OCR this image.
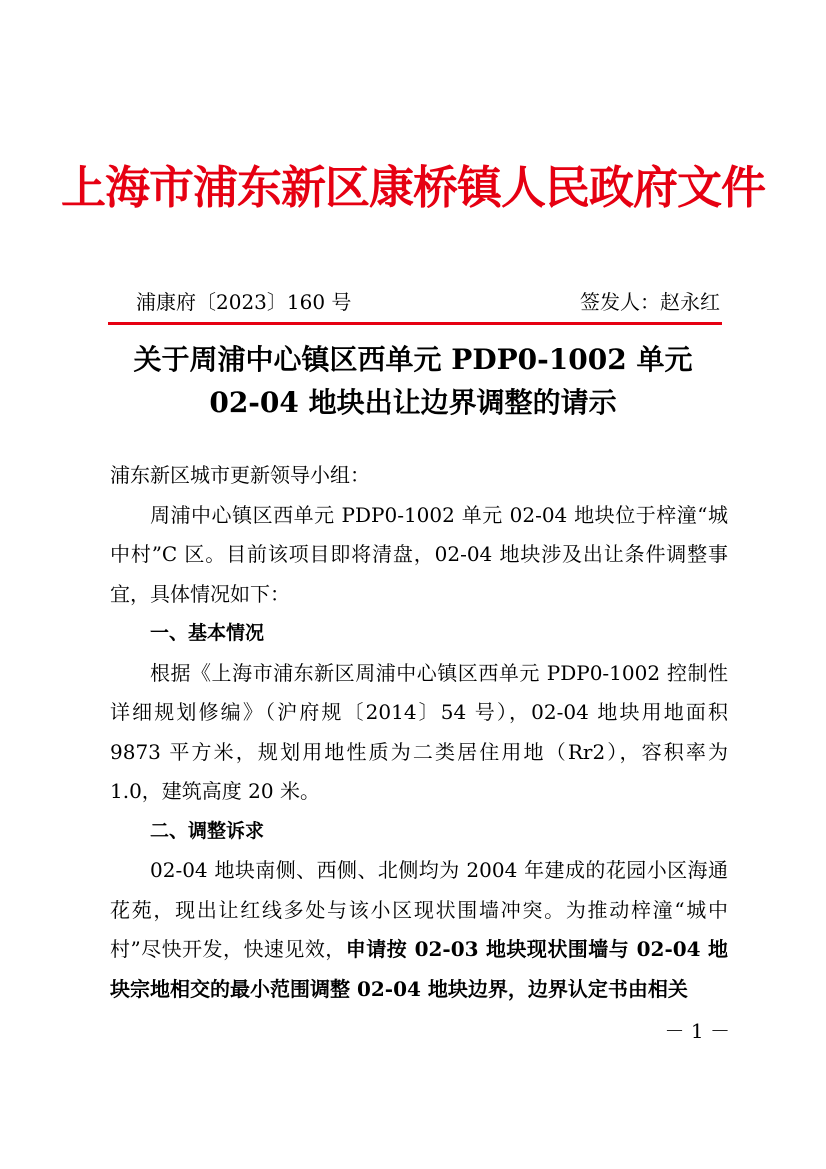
上海市浦东新区康桥镇人民政府文件
浦康府〔2023〕160 号	签发人：赵永红
关于周浦中心镇区西单元 PDP0-1002 单元
02-04 地块出让边界调整的请示

浦东新区城市更新领导小组：

周浦中心镇区西单元 PDP0-1002 单元 02-04 地块位于梓潼“城中村”C 区。目前该项目即将清盘，02-04 地块涉及出让条件调整事宜，具体情况如下：

一、基本情况

根据《上海市浦东新区周浦中心镇区西单元 PDP0-1002 控制性详细规划修编》（沪府规〔2014〕54 号），02-04 地块用地面积 9873 平方米，规划用地性质为二类居住用地（Rr2），容积率为 1.0，建筑高度 20 米。

二、调整诉求

02-04 地块南侧、西侧、北侧均为 2004 年建成的花园小区海通花苑，现出让红线多处与该小区现状围墙冲突。为推动梓潼“城中村”尽快开发，快速见效，申请按 02-03 地块现状围墙与 02-04 地块宗地相交的最小范围调整 02-04 地块边界，边界认定书由相关

－ 1 －
